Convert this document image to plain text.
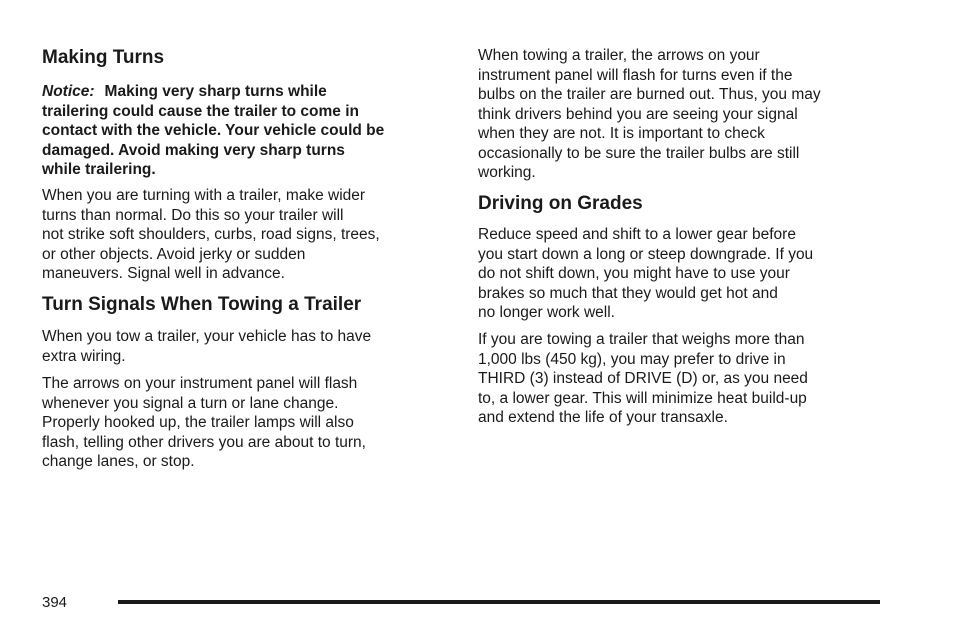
Making Turns
Notice: Making very sharp turns while
trailering could cause the trailer to come in
contact with the vehicle. Your vehicle could be
damaged. Avoid making very sharp turns
while trailering.

When you are turning with a trailer, make wider
turns than normal. Do this so your trailer will
not strike soft shoulders, curbs, road signs, trees,
or other objects. Avoid jerky or sudden
maneuvers. Signal well in advance.

Turn Signals When Towing a Trailer

When you tow a trailer, your vehicle has to have
extra wiring.

The arrows on your instrument panel will flash
whenever you signal a turn or lane change.
Properly hooked up, the trailer lamps will also
flash, telling other drivers you are about to turn,
change lanes, or stop.

When towing a trailer, the arrows on your
instrument panel will flash for turns even if the
bulbs on the trailer are burned out. Thus, you may
think drivers behind you are seeing your signal
when they are not. It is important to check
occasionally to be sure the trailer bulbs are still
working.

Driving on Grades

Reduce speed and shift to a lower gear before
you start down a long or steep downgrade. If you
do not shift down, you might have to use your
brakes so much that they would get hot and
no longer work well.

If you are towing a trailer that weighs more than
1,000 lbs (450 kg), you may prefer to drive in
THIRD (3) instead of DRIVE (D) or, as you need
to, a lower gear. This will minimize heat build-up
and extend the life of your transaxle.

394
